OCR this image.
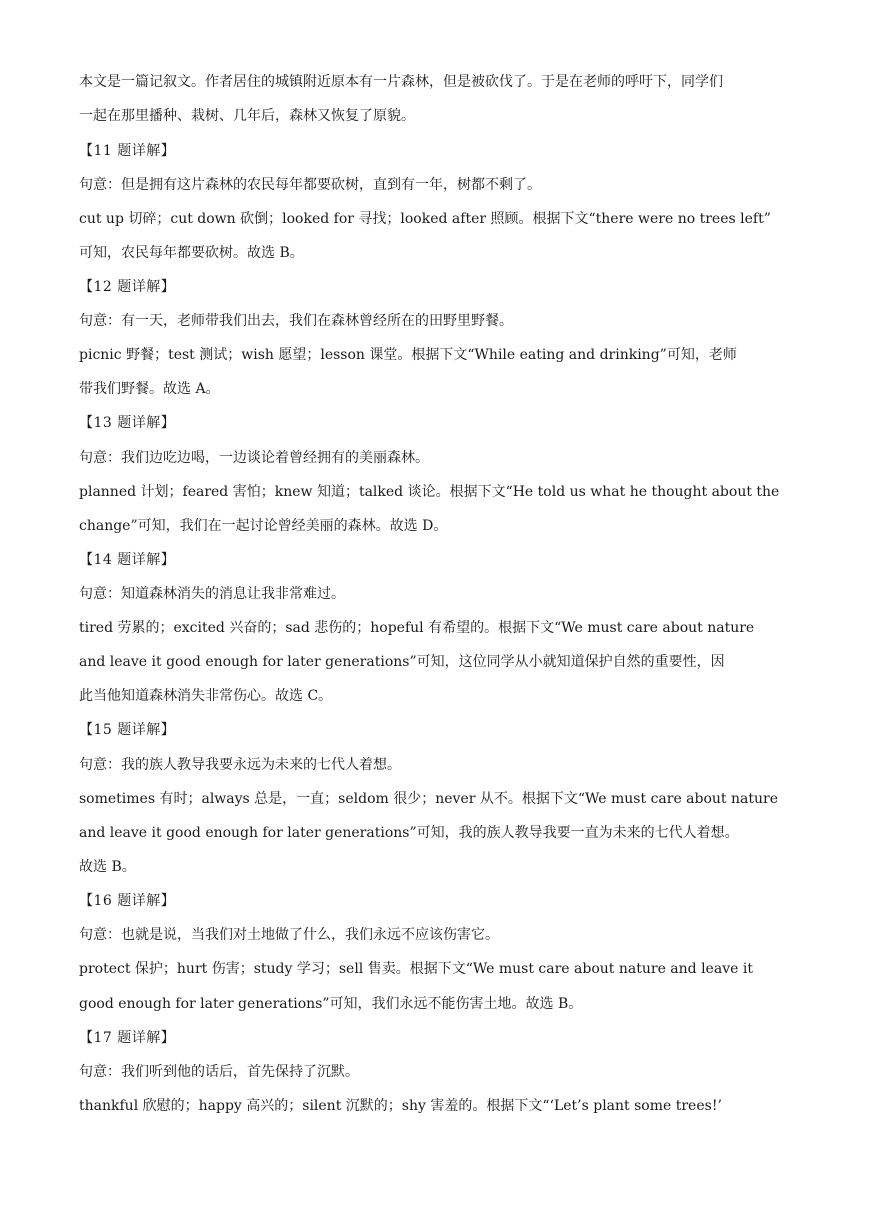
本文是一篇记叙文。作者居住的城镇附近原本有一片森林，但是被砍伐了。于是在老师的呼吁下，同学们
一起在那里播种、栽树、几年后，森林又恢复了原貌。
【11 题详解】
句意：但是拥有这片森林的农民每年都要砍树，直到有一年，树都不剩了。
cut up 切碎；cut down 砍倒；looked for 寻找；looked after 照顾。根据下文“there were no trees left”
可知，农民每年都要砍树。故选 B。
【12 题详解】
句意：有一天，老师带我们出去，我们在森林曾经所在的田野里野餐。
picnic 野餐；test 测试；wish 愿望；lesson 课堂。根据下文“While eating and drinking”可知，老师
带我们野餐。故选 A。
【13 题详解】
句意：我们边吃边喝，一边谈论着曾经拥有的美丽森林。
planned 计划；feared 害怕；knew 知道；talked 谈论。根据下文“He told us what he thought about the
change”可知，我们在一起讨论曾经美丽的森林。故选 D。
【14 题详解】
句意：知道森林消失的消息让我非常难过。
tired 劳累的；excited 兴奋的；sad 悲伤的；hopeful 有希望的。根据下文“We must care about nature
and leave it good enough for later generations”可知，这位同学从小就知道保护自然的重要性，因
此当他知道森林消失非常伤心。故选 C。
【15 题详解】
句意：我的族人教导我要永远为未来的七代人着想。
sometimes 有时；always 总是，一直；seldom 很少；never 从不。根据下文“We must care about nature
and leave it good enough for later generations”可知，我的族人教导我要一直为未来的七代人着想。
故选 B。
【16 题详解】
句意：也就是说，当我们对土地做了什么，我们永远不应该伤害它。
protect 保护；hurt 伤害；study 学习；sell 售卖。根据下文“We must care about nature and leave it
good enough for later generations”可知，我们永远不能伤害土地。故选 B。
【17 题详解】
句意：我们听到他的话后，首先保持了沉默。
thankful 欣慰的；happy 高兴的；silent 沉默的；shy 害羞的。根据下文“‘Let’s plant some trees!’
